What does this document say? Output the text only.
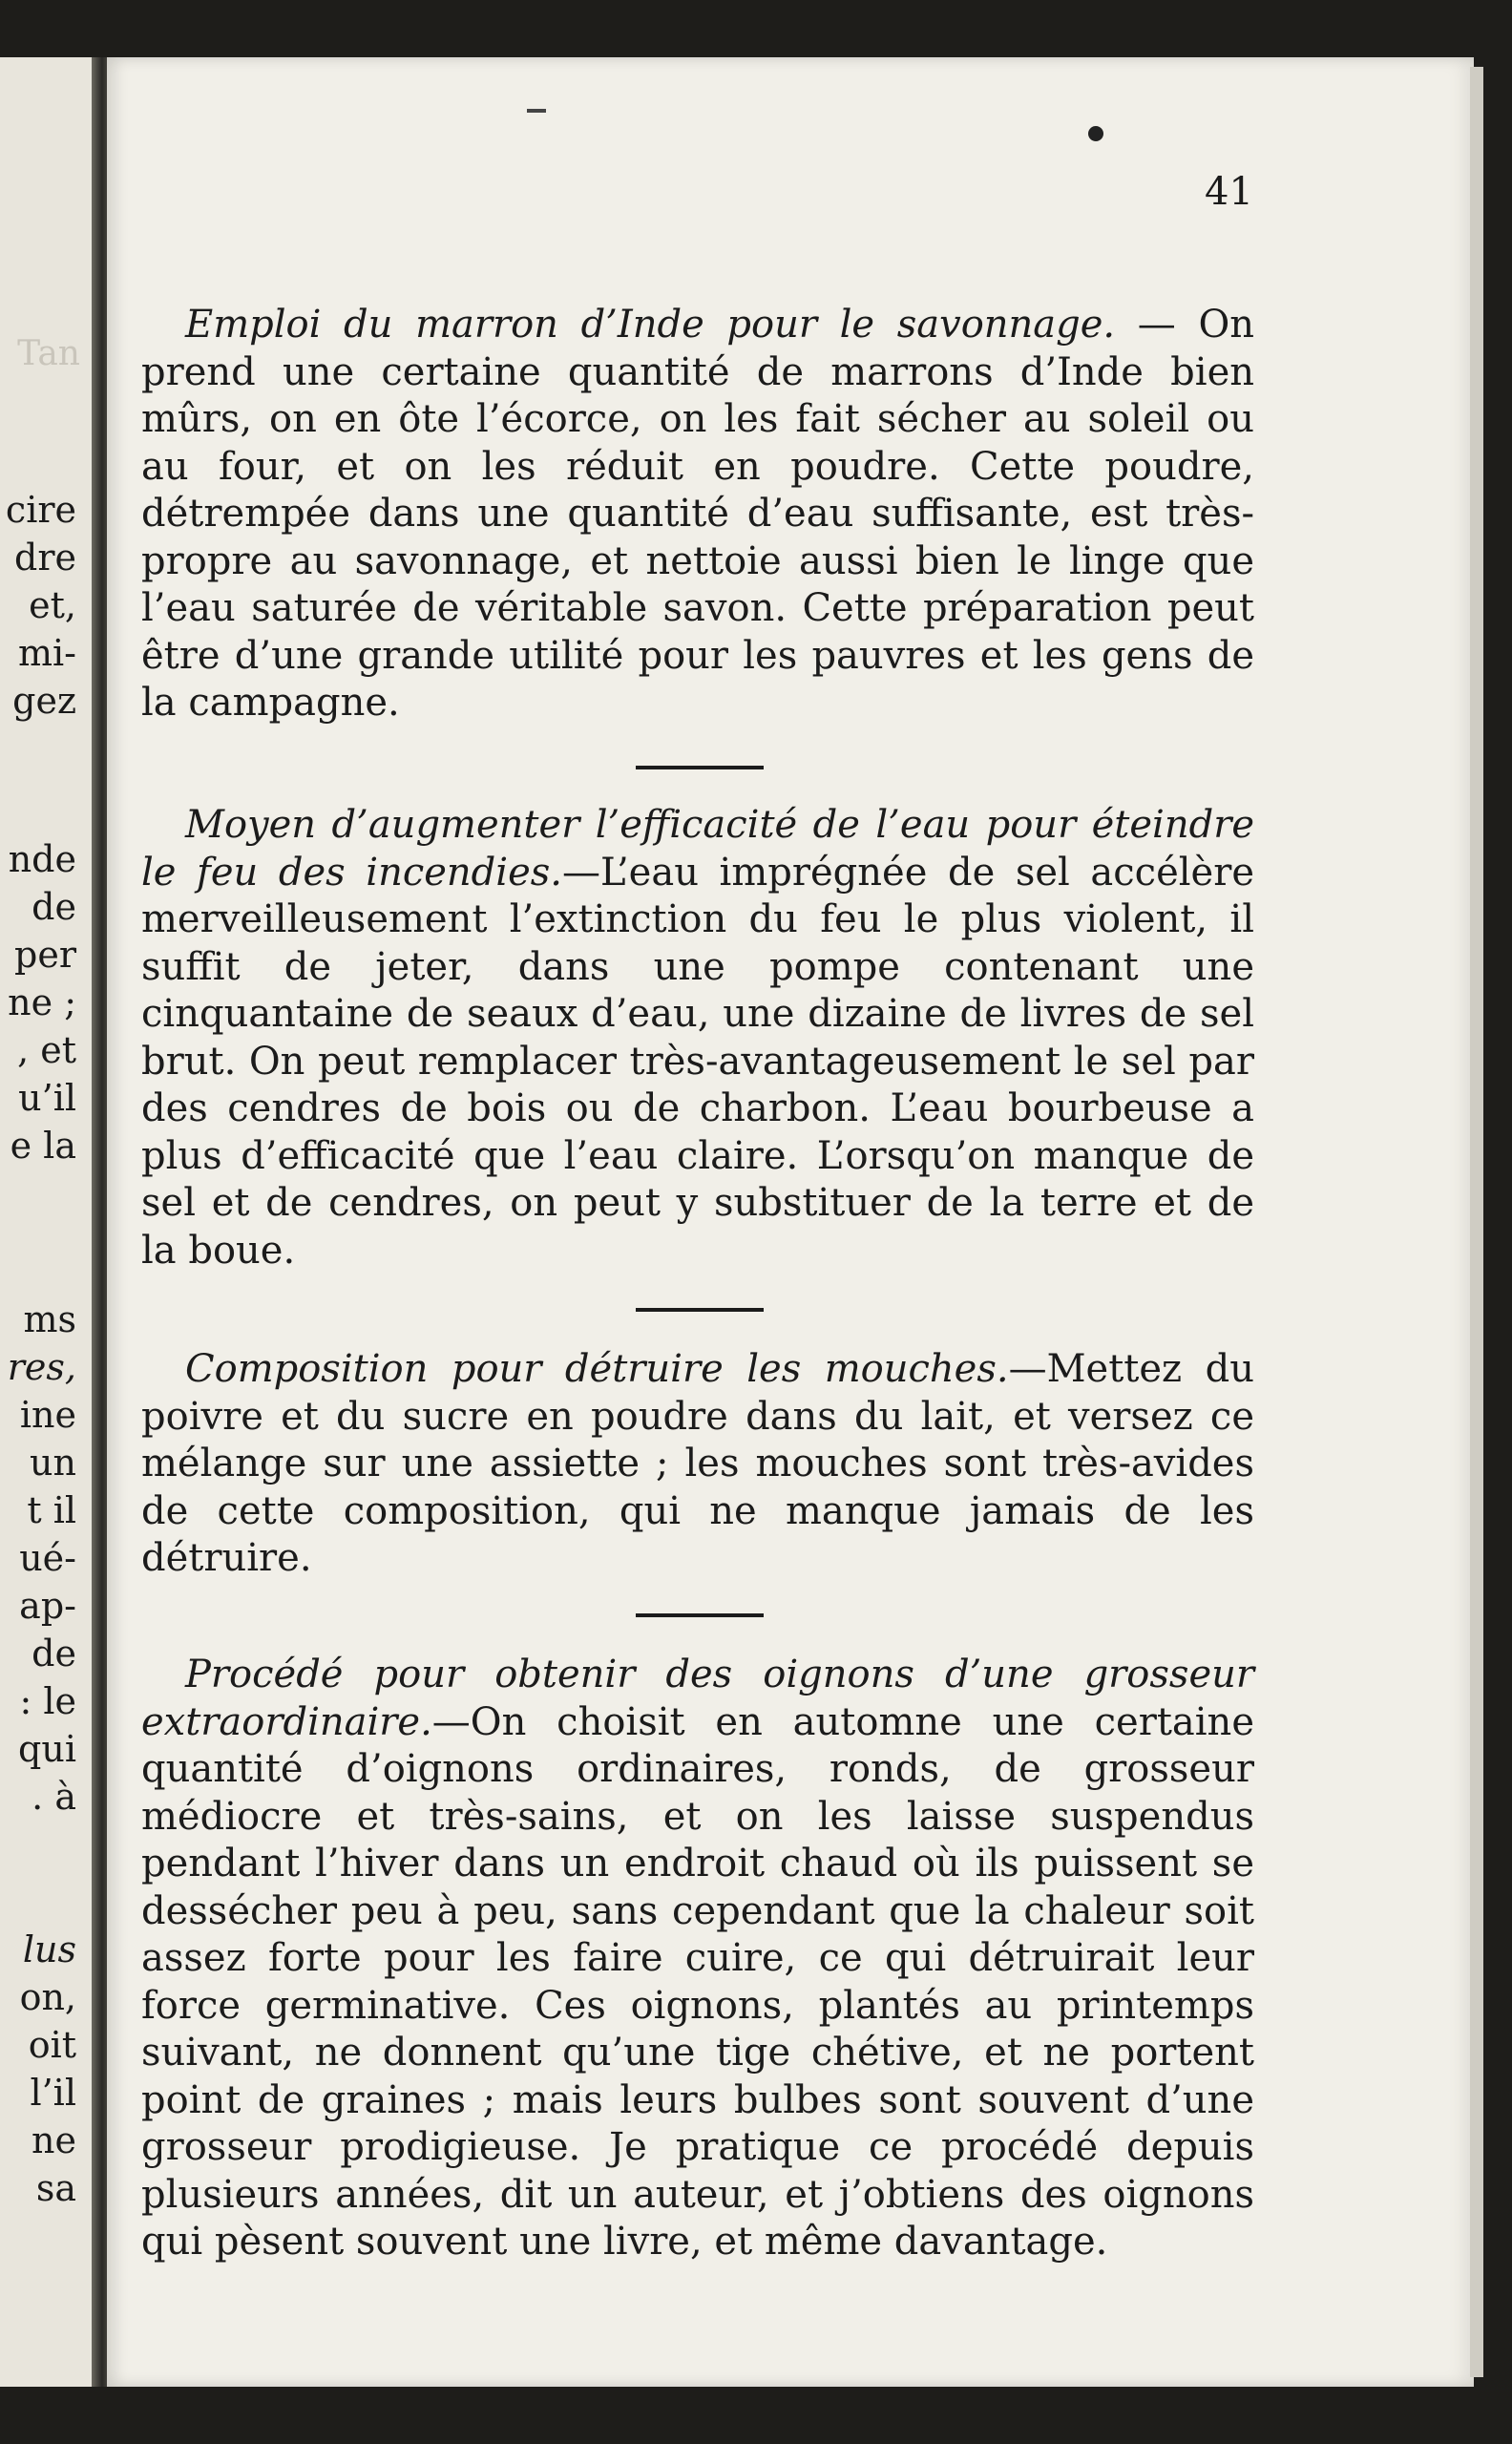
Tan
cire
dre
et,
mi-
gez
nde
de
per
ne ;
, et
u’il
e la
ms
res,
ine
un
t il
ué-
ap-
de
: le
qui
. à
lus
on,
oit
l’il
ne
sa
41

Emploi du marron d’Inde pour le savonnage. — On prend une certaine quantité de marrons d’Inde bien mûrs, on en ôte l’écorce, on les fait sécher au soleil ou au four, et on les réduit en poudre. Cette poudre, détrempée dans une quantité d’eau suffisante, est très-propre au savonnage, et nettoie aussi bien le linge que l’eau saturée de véritable savon. Cette préparation peut être d’une grande utilité pour les pauvres et les gens de la campagne.

Moyen d’augmenter l’efficacité de l’eau pour éteindre le feu des incendies.—L’eau imprégnée de sel accélère merveilleusement l’extinction du feu le plus violent, il suffit de jeter, dans une pompe contenant une cinquantaine de seaux d’eau, une dizaine de livres de sel brut. On peut remplacer très-avantageusement le sel par des cendres de bois ou de charbon. L’eau bourbeuse a plus d’efficacité que l’eau claire. L’orsqu’on manque de sel et de cendres, on peut y substituer de la terre et de la boue.

Composition pour détruire les mouches.—Mettez du poivre et du sucre en poudre dans du lait, et versez ce mélange sur une assiette ; les mouches sont très-avides de cette composition, qui ne manque jamais de les détruire.

Procédé pour obtenir des oignons d’une grosseur extraordinaire.—On choisit en automne une certaine quantité d’oignons ordinaires, ronds, de grosseur médiocre et très-sains, et on les laisse suspendus pendant l’hiver dans un endroit chaud où ils puissent se dessécher peu à peu, sans cependant que la chaleur soit assez forte pour les faire cuire, ce qui détruirait leur force germinative. Ces oignons, plantés au printemps suivant, ne donnent qu’une tige chétive, et ne portent point de graines ; mais leurs bulbes sont souvent d’une grosseur prodigieuse. Je pratique ce procédé depuis plusieurs années, dit un auteur, et j’obtiens des oignons qui pèsent souvent une livre, et même davantage.
